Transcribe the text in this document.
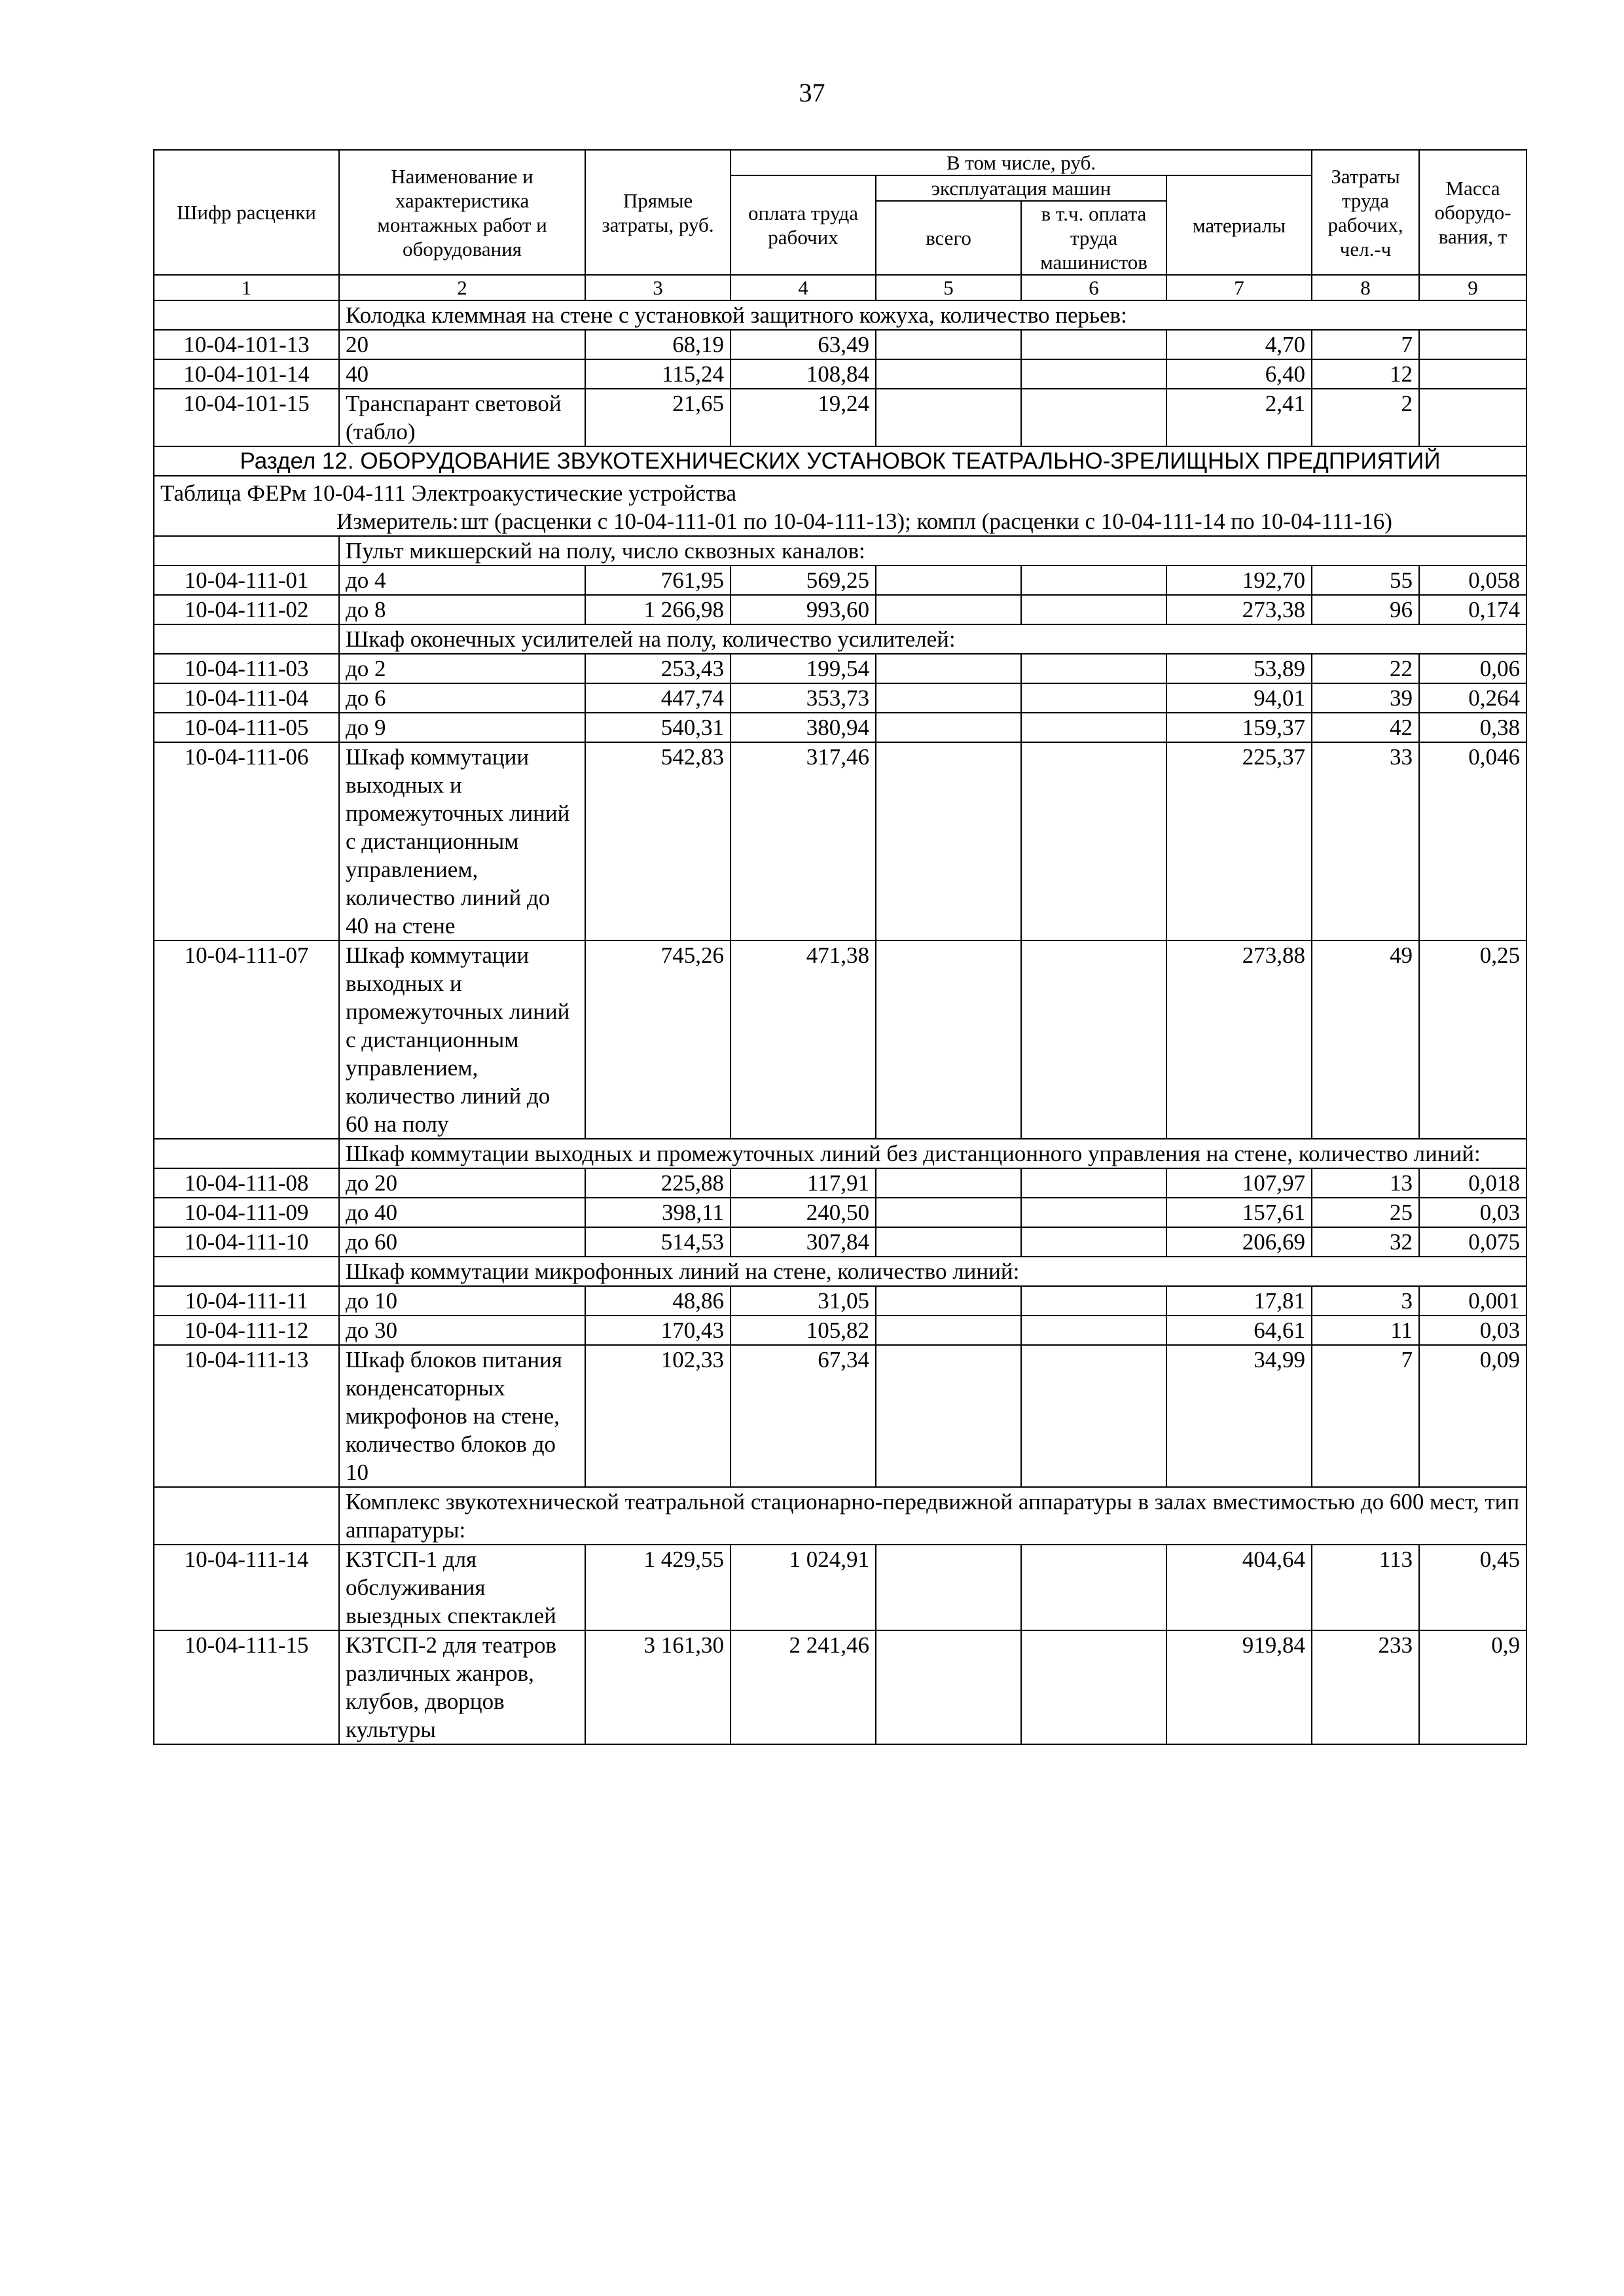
37
Шифр расценки	Наименование и характеристика монтажных работ и оборудования	Прямые затраты, руб.	В том числе, руб.				Затраты труда рабочих, чел.-ч	Масса оборудо-вания, т
			оплата труда рабочих	эксплуатация машин		материалы		
				всего	в т.ч. оплата труда машинистов			
1	2	3	4	5	6	7	8	9
	Колодка клеммная на стене с установкой защитного кожуха, количество перьев:							
10-04-101-13	20	68,19	63,49			4,70	7	
10-04-101-14	40	115,24	108,84			6,40	12	
10-04-101-15	Транспарант световой (табло)	21,65	19,24			2,41	2	
Раздел 12. ОБОРУДОВАНИЕ ЗВУКОТЕХНИЧЕСКИХ УСТАНОВОК ТЕАТРАЛЬНО-ЗРЕЛИЩНЫХ ПРЕДПРИЯТИЙ								

Таблица ФЕРм 10-04-111 Электроакустические устройства
Измеритель:шт (расценки с 10-04-111-01 по 10-04-111-13); компл (расценки с 10-04-111-14 по 10-04-111-16)								

	Пульт микшерский на полу, число сквозных каналов:							
10-04-111-01	до 4	761,95	569,25			192,70	55	0,058
10-04-111-02	до 8	1 266,98	993,60			273,38	96	0,174
	Шкаф оконечных усилителей на полу, количество усилителей:							
10-04-111-03	до 2	253,43	199,54			53,89	22	0,06
10-04-111-04	до 6	447,74	353,73			94,01	39	0,264
10-04-111-05	до 9	540,31	380,94			159,37	42	0,38
10-04-111-06	Шкаф коммутации выходных и промежуточных линий с дистанционным управлением, количество линий до 40 на стене	542,83	317,46			225,37	33	0,046
10-04-111-07	Шкаф коммутации выходных и промежуточных линий с дистанционным управлением, количество линий до 60 на полу	745,26	471,38			273,88	49	0,25
	Шкаф коммутации выходных и промежуточных линий без дистанционного управления на стене, количество линий:							
10-04-111-08	до 20	225,88	117,91			107,97	13	0,018
10-04-111-09	до 40	398,11	240,50			157,61	25	0,03
10-04-111-10	до 60	514,53	307,84			206,69	32	0,075
	Шкаф коммутации микрофонных линий на стене, количество линий:							
10-04-111-11	до 10	48,86	31,05			17,81	3	0,001
10-04-111-12	до 30	170,43	105,82			64,61	11	0,03
10-04-111-13	Шкаф блоков питания конденсаторных микрофонов на стене, количество блоков до 10	102,33	67,34			34,99	7	0,09
	Комплекс звукотехнической театральной стационарно-передвижной аппаратуры в залах вместимостью до 600 мест, тип аппаратуры:							
10-04-111-14	КЗТСП-1 для обслуживания выездных спектаклей	1 429,55	1 024,91			404,64	113	0,45
10-04-111-15	КЗТСП-2 для театров различных жанров, клубов, дворцов культуры	3 161,30	2 241,46			919,84	233	0,9
